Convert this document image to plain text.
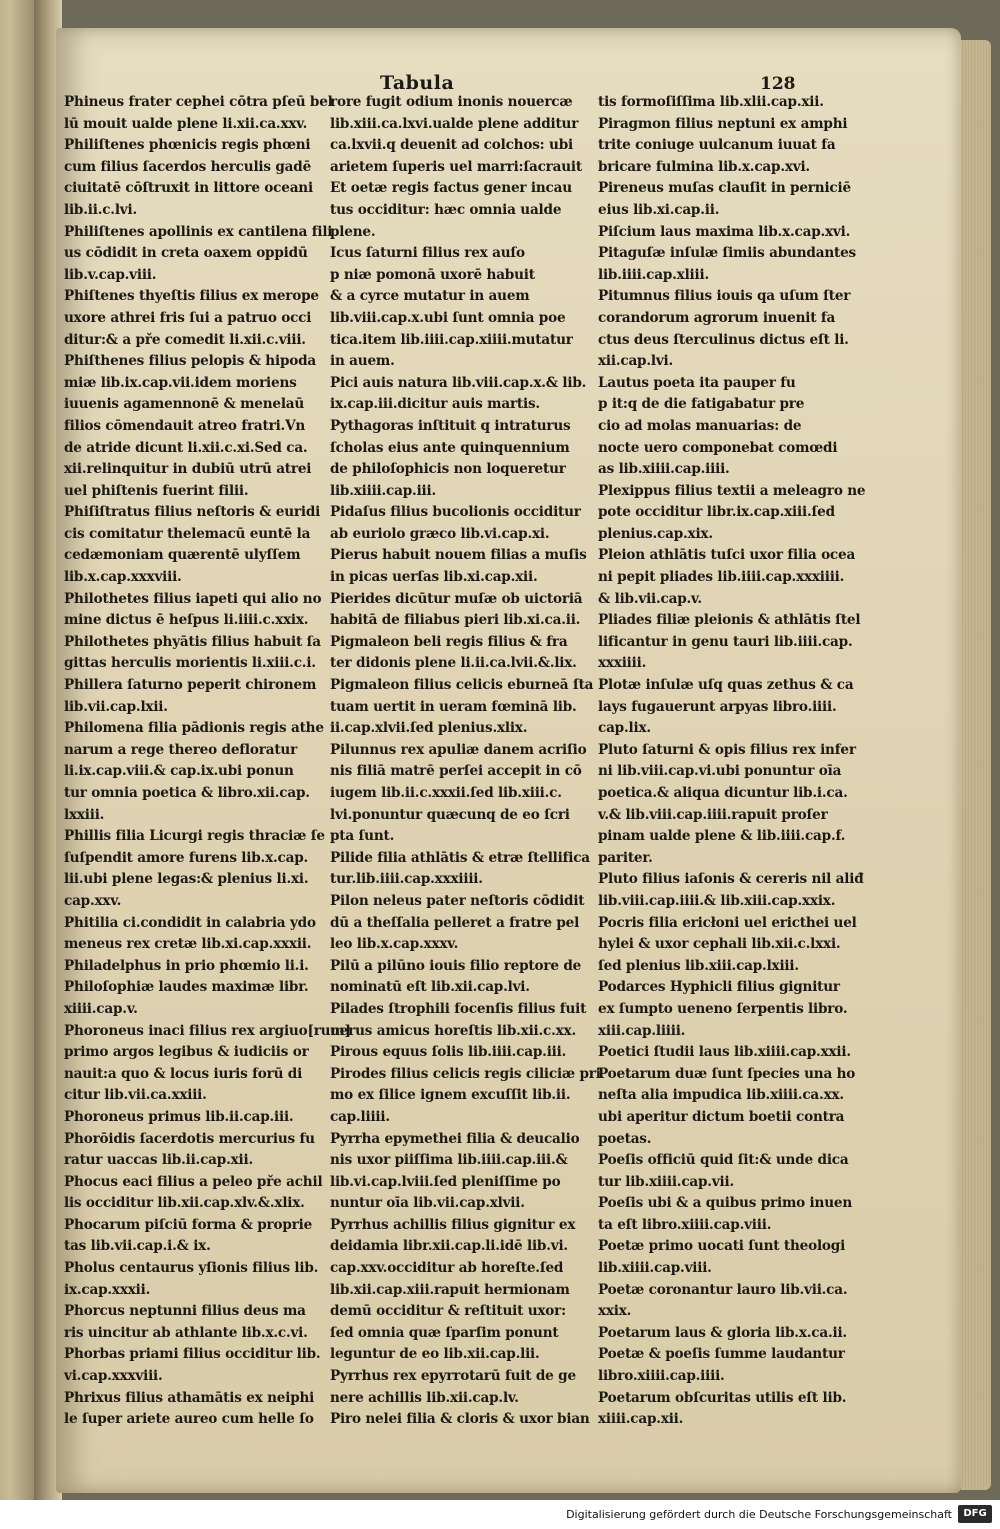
Tabula	128

Phineus frater cephei cōtra pſeū bel

lū mouit ualde plene li.xii.ca.xxv.

Philiſtenes phœnicis regis phœni

cum filius ſacerdos herculis gadē

ciuitatē cōſtruxit in littore oceani

lib.ii.c.lvi.

Philiſtenes apollinis ex cantilena fili

us cōdidit in creta oaxem oppidū

lib.v.cap.viii.

Phiſtenes thyeſtis filius ex merope

uxore athrei fris ſui a patruo occi

ditur:& a pře comedit li.xii.c.viii.

Phiſthenes filius pelopis & hipoda

miæ lib.ix.cap.vii.idem moriens

iuuenis agamennonē & menelaū

filios cōmendauit atreo fratri.Vn

de atride dicunt li.xii.c.xi.Sed ca.

xii.relinquitur in dubiū utrū atrei

uel phiſtenis fuerint filii.

Phiſiſtratus filius neſtoris & euridi

cis comitatur thelemacū euntē la

cedæmoniam quærentē ulyſſem

lib.x.cap.xxxviii.

Philothetes filius iapeti qui alio no

mine dictus ē heſpus li.iiii.c.xxix.

Philothetes phyātis filius habuit ſa

gittas herculis morientis li.xiii.c.i.

Phillera ſaturno peperit chironem

lib.vii.cap.lxii.

Philomena filia pādionis regis athe

narum a rege thereo defloratur

li.ix.cap.viii.& cap.ix.ubi ponun

tur omnia poetica & libro.xii.cap.

lxxiii.

Phillis filia Licurgi regis thraciæ ſe

ſuſpendit amore furens lib.x.cap.

lii.ubi plene legas:& plenius li.xi.

cap.xxv.

Phitilia ci.condidit in calabria ydo

meneus rex cretæ lib.xi.cap.xxxii.

Philadelphus in prio phœmio li.i.

Philoſophiæ laudes maximæ libr.

xiiii.cap.v.

Phoroneus inaci filius rex argiuo[rum]

primo argos legibus & iudiciis or

nauit:a quo & locus iuris forū di

citur lib.vii.ca.xxiii.

Phoroneus primus lib.ii.cap.iii.

Phorōidis ſacerdotis mercurius fu

ratur uaccas lib.ii.cap.xii.

Phocus eaci filius a peleo pře achil

lis occiditur lib.xii.cap.xlv.&.xlix.

Phocarum piſciū forma & proprie

tas lib.vii.cap.i.& ix.

Pholus centaurus yſionis filius lib.

ix.cap.xxxii.

Phorcus neptunni filius deus ma

ris uincitur ab athlante lib.x.c.vi.

Phorbas priami filius occiditur lib.

vi.cap.xxxviii.

Phrixus filius athamātis ex neiphi

le ſuper ariete aureo cum helle ſo

rore fugit odium inonis nouercæ

lib.xiii.ca.lxvi.ualde plene additur

ca.lxvii.q deuenit ad colchos: ubi

arietem ſuperis uel marri:ſacrauit

Et oetæ regis factus gener incau

tus occiditur: hæc omnia ualde

plene.

Icus ſaturni filius rex auſo

p niæ pomonā uxorē habuit

& a cyrce mutatur in auem

lib.viii.cap.x.ubi ſunt omnia poe

tica.item lib.iiii.cap.xiiii.mutatur

in auem.

Pici auis natura lib.viii.cap.x.& lib.

ix.cap.iii.dicitur auis martis.

Pythagoras inſtituit q intraturus

ſcholas eius ante quinquennium

de philoſophicis non loqueretur

lib.xiiii.cap.iii.

Pidaſus filius bucolionis occiditur

ab euriolo græco lib.vi.cap.xi.

Pierus habuit nouem filias a muſis

in picas uerſas lib.xi.cap.xii.

Pierides dicūtur muſæ ob uictoriā

habitā de filiabus pieri lib.xi.ca.ii.

Pigmaleon beli regis filius & fra

ter didonis plene li.ii.ca.lvii.&.lix.

Pigmaleon filius celicis eburneā ſta

tuam uertit in ueram fœminā lib.

ii.cap.xlvii.ſed plenius.xlix.

Pilunnus rex apuliæ danem acriſio

nis filiā matrē perſei accepit in cō

iugem lib.ii.c.xxxii.ſed lib.xiii.c.

lvi.ponuntur quæcunq de eo ſcri

pta ſunt.

Pilide filia athlātis & etræ ſtellifica

tur.lib.iiii.cap.xxxiiii.

Pilon neleus pater neſtoris cōdidit

dū a theſſalia pelleret a fratre pel

leo lib.x.cap.xxxv.

Pilū a pilūno iouis filio reptore de

nominatū eſt lib.xii.cap.lvi.

Pilades ſtrophili focenſis filius fuit

uerus amicus horeſtis lib.xii.c.xx.

Pirous equus ſolis lib.iiii.cap.iii.

Pirodes filius celicis regis ciliciæ pri

mo ex ſilice ignem excuſſit lib.ii.

cap.liiii.

Pyrrha epymethei filia & deucalio

nis uxor piiſſima lib.iiii.cap.iii.&

lib.vi.cap.lviii.ſed pleniſſime po

nuntur oīa lib.vii.cap.xlvii.

Pyrrhus achillis filius gignitur ex

deidamia libr.xii.cap.li.idē lib.vi.

cap.xxv.occiditur ab horeſte.ſed

lib.xii.cap.xiii.rapuit hermionam

demū occiditur & reſtituit uxor:

ſed omnia quæ ſparſim ponunt

leguntur de eo lib.xii.cap.lii.

Pyrrhus rex epyrrotarū fuit de ge

nere achillis lib.xii.cap.lv.

Piro nelei filia & cloris & uxor bian

tis formoſiſſima lib.xlii.cap.xii.

Piragmon filius neptuni ex amphi

trite coniuge uulcanum iuuat fa

bricare fulmina lib.x.cap.xvi.

Pireneus muſas clauſit in perniciē

eius lib.xi.cap.ii.

Piſcium laus maxima lib.x.cap.xvi.

Pitaguſæ inſulæ ſimiis abundantes

lib.iiii.cap.xliii.

Pitumnus filius iouis qa uſum ſter

corandorum agrorum inuenit fa

ctus deus ſterculinus dictus eſt li.

xii.cap.lvi.

Lautus poeta ita pauper fu

p it:q de die fatigabatur pre

cio ad molas manuarias: de

nocte uero componebat comœdi

as lib.xiiii.cap.iiii.

Plexippus filius textii a meleagro ne

pote occiditur libr.ix.cap.xiii.ſed

plenius.cap.xix.

Pleion athlātis tuſci uxor filia ocea

ni pepit pliades lib.iiii.cap.xxxiiii.

& lib.vii.cap.v.

Pliades filiæ pleionis & athlātis ſtel

lificantur in genu tauri lib.iiii.cap.

xxxiiii.

Plotæ inſulæ uſq quas zethus & ca

lays fugauerunt arpyas libro.iiii.

cap.lix.

Pluto ſaturni & opis filius rex infer

ni lib.viii.cap.vi.ubi ponuntur oīa

poetica.& aliqua dicuntur lib.i.ca.

v.& lib.viii.cap.iiii.rapuit proſer

pinam ualde plene & lib.iiii.cap.f.

pariter.

Pluto filius iaſonis & cereris nil aliđ

lib.viii.cap.iiii.& lib.xiii.cap.xxix.

Pocris filia ericłoni uel ericthei uel

hylei & uxor cephali lib.xii.c.lxxi.

ſed plenius lib.xiii.cap.lxiii.

Podarces Hyphicli filius gignitur

ex ſumpto ueneno ſerpentis libro.

xiii.cap.liiii.

Poetici ſtudii laus lib.xiiii.cap.xxii.

Poetarum duæ ſunt ſpecies una ho

neſta alia impudica lib.xiiii.ca.xx.

ubi aperitur dictum boetii contra

poetas.

Poeſis officiū quid ſit:& unde dica

tur lib.xiiii.cap.vii.

Poeſis ubi & a quibus primo inuen

ta eſt libro.xiiii.cap.viii.

Poetæ primo uocati ſunt theologi

lib.xiiii.cap.viii.

Poetæ coronantur lauro lib.vii.ca.

xxix.

Poetarum laus & gloria lib.x.ca.ii.

Poetæ & poeſis ſumme laudantur

libro.xiiii.cap.iiii.

Poetarum obſcuritas utilis eſt lib.

xiiii.cap.xii.

Digitalisierung gefördert durch die Deutsche Forschungsgemeinschaft	DFG
